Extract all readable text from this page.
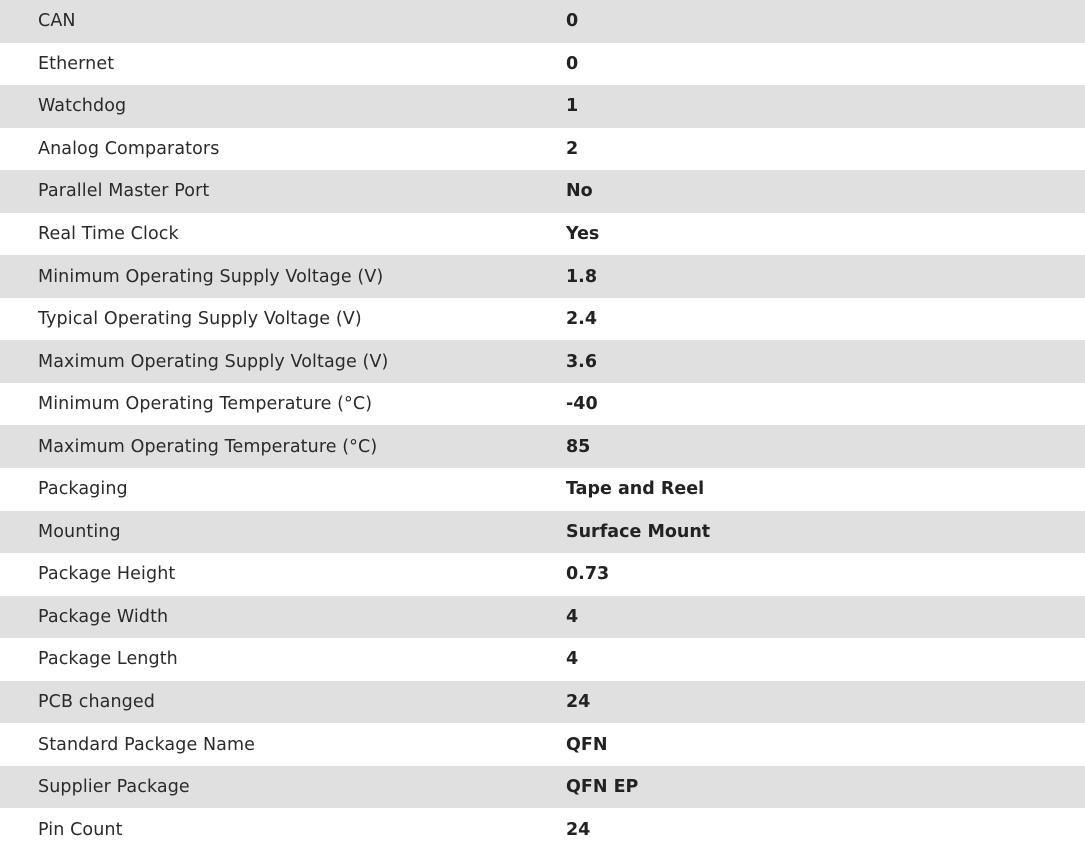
CAN	0
Ethernet	0
Watchdog	1
Analog Comparators	2
Parallel Master Port	No
Real Time Clock	Yes
Minimum Operating Supply Voltage (V)	1.8
Typical Operating Supply Voltage (V)	2.4
Maximum Operating Supply Voltage (V)	3.6
Minimum Operating Temperature (°C)	-40
Maximum Operating Temperature (°C)	85
Packaging	Tape and Reel
Mounting	Surface Mount
Package Height	0.73
Package Width	4
Package Length	4
PCB changed	24
Standard Package Name	QFN
Supplier Package	QFN EP
Pin Count	24
